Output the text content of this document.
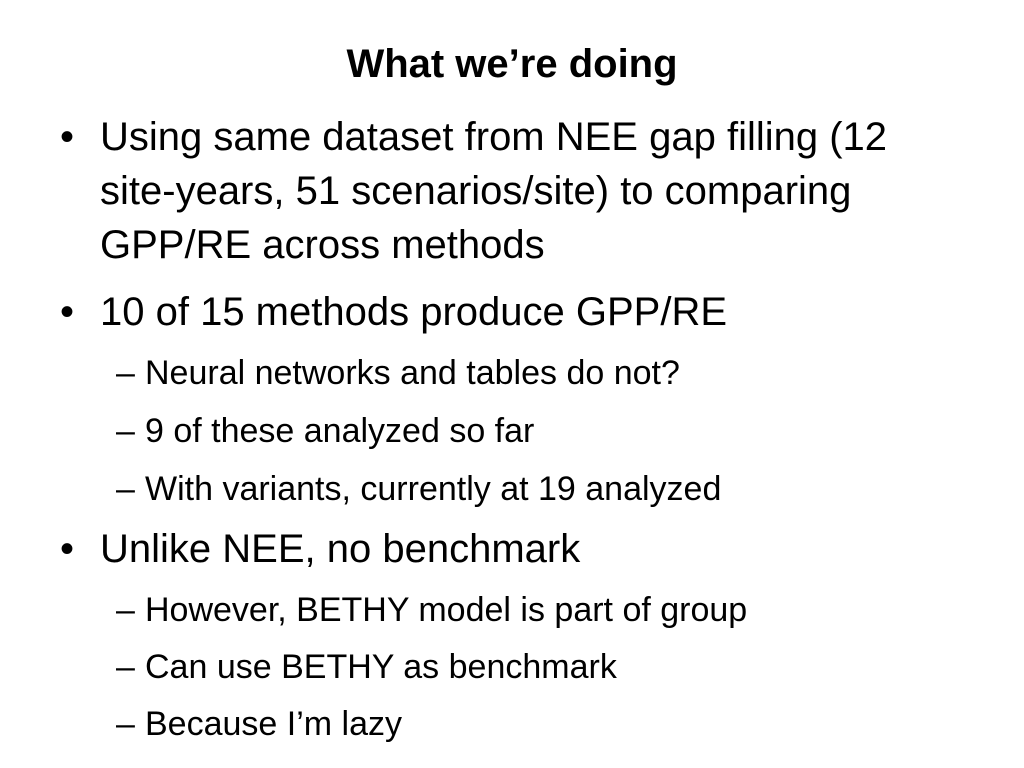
What we’re doing
• Using same dataset from NEE gap filling (12 site-years, 51 scenarios/site) to comparing GPP/RE across methods
• 10 of 15 methods produce GPP/RE
– Neural networks and tables do not?
– 9 of these analyzed so far
– With variants, currently at 19 analyzed
• Unlike NEE, no benchmark
– However, BETHY model is part of group
– Can use BETHY as benchmark
– Because I’m lazy
